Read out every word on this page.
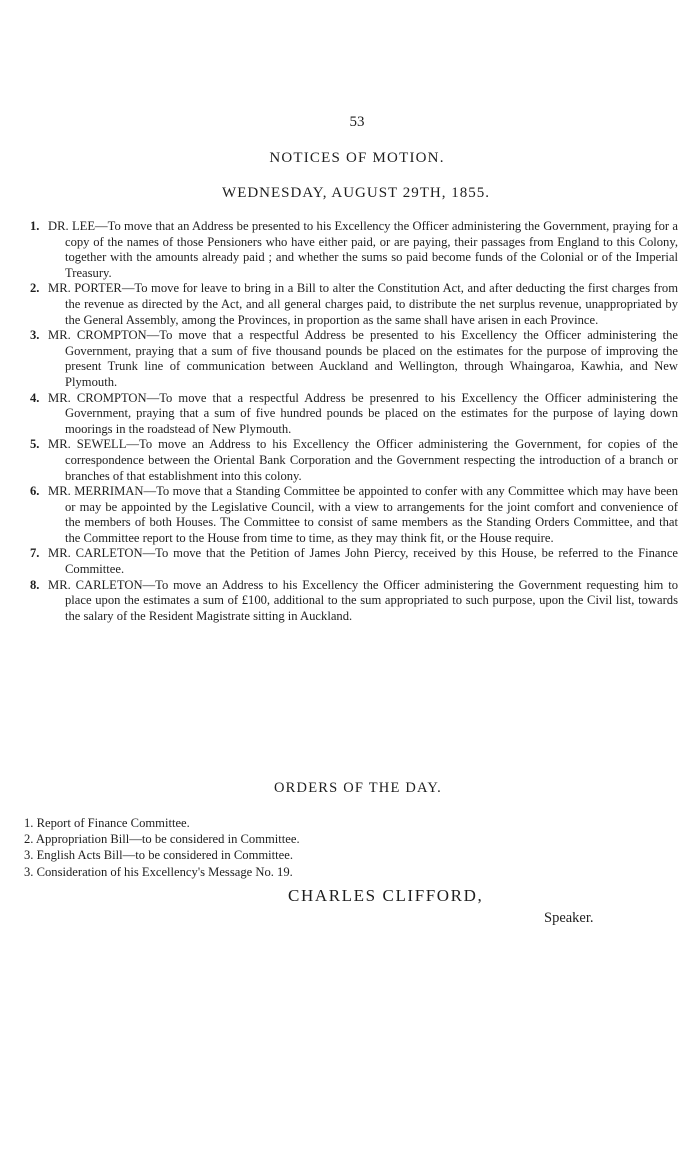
53
NOTICES OF MOTION.
WEDNESDAY, AUGUST 29TH, 1855.
1. DR. LEE—To move that an Address be presented to his Excellency the Officer administering the Government, praying for a copy of the names of those Pensioners who have either paid, or are paying, their passages from England to this Colony, together with the amounts already paid ; and whether the sums so paid become funds of the Colonial or of the Imperial Treasury.
2. MR. PORTER—To move for leave to bring in a Bill to alter the Constitution Act, and after deducting the first charges from the revenue as directed by the Act, and all general charges paid, to distribute the net surplus revenue, unappropriated by the General Assembly, among the Provinces, in proportion as the same shall have arisen in each Province.
3. MR. CROMPTON—To move that a respectful Address be presented to his Excellency the Officer administering the Government, praying that a sum of five thousand pounds be placed on the estimates for the purpose of improving the present Trunk line of communication between Auckland and Wellington, through Whaingaroa, Kawhia, and New Plymouth.
4. MR. CROMPTON—To move that a respectful Address be presenred to his Excellency the Officer administering the Government, praying that a sum of five hundred pounds be placed on the estimates for the purpose of laying down moorings in the roadstead of New Plymouth.
5. MR. SEWELL—To move an Address to his Excellency the Officer administering the Government, for copies of the correspondence between the Oriental Bank Corporation and the Government respecting the introduction of a branch or branches of that establishment into this colony.
6. MR. MERRIMAN—To move that a Standing Committee be appointed to confer with any Committee which may have been or may be appointed by the Legislative Council, with a view to arrangements for the joint comfort and convenience of the members of both Houses. The Committee to consist of same members as the Standing Orders Committee, and that the Committee report to the House from time to time, as they may think fit, or the House require.
7. MR. CARLETON—To move that the Petition of James John Piercy, received by this House, be referred to the Finance Committee.
8. MR. CARLETON—To move an Address to his Excellency the Officer administering the Government requesting him to place upon the estimates a sum of £100, additional to the sum appropriated to such purpose, upon the Civil list, towards the salary of the Resident Magistrate sitting in Auckland.
ORDERS OF THE DAY.
1. Report of Finance Committee.
2. Appropriation Bill—to be considered in Committee.
3. English Acts Bill—to be considered in Committee.
3. Consideration of his Excellency's Message No. 19.
CHARLES CLIFFORD,
Speaker.
